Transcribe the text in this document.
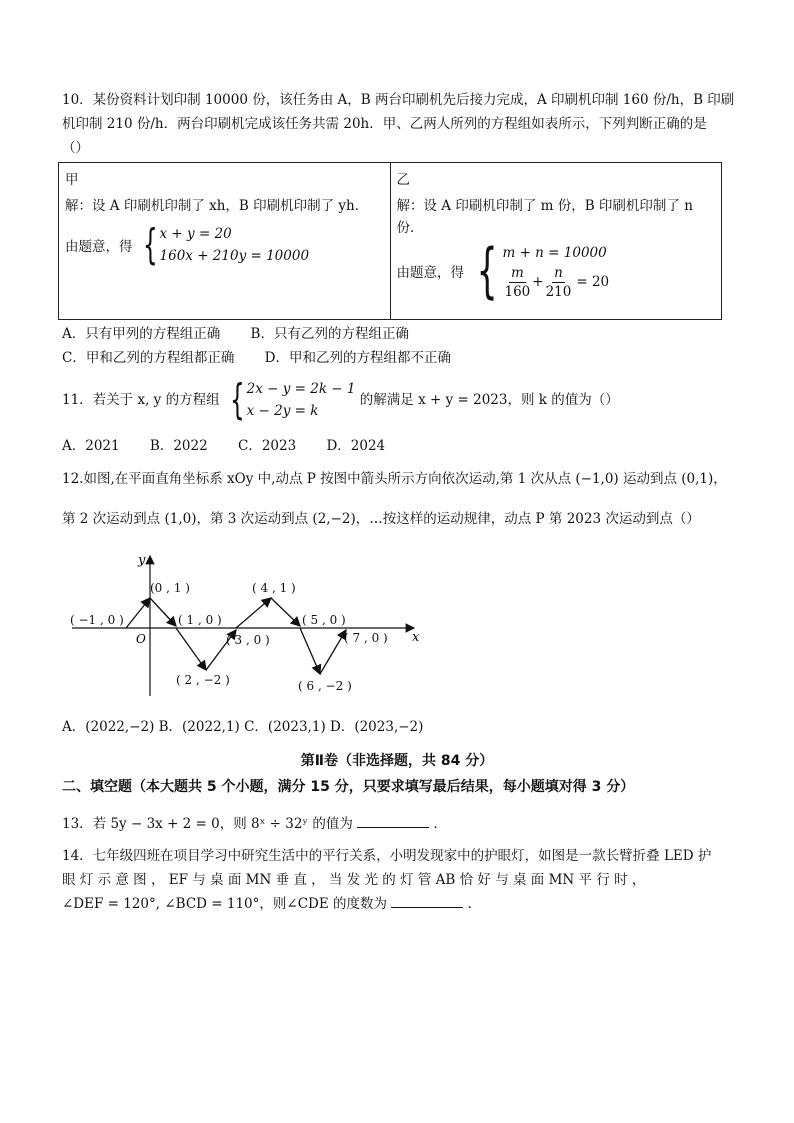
10．某份资料计划印制 10000 份，该任务由 A，B 两台印刷机先后接力完成，A 印刷机印制 160 份/h，B 印刷
机印制 210 份/h．两台印刷机完成该任务共需 20h．甲、乙两人所列的方程组如表所示，下列判断正确的是
（）
甲
解：设 A 印刷机印制了 xh，B 印刷机印制了 yh．
由题意，得 { x + y = 20
160x + 210y = 10000

乙
解：设 A 印刷机印制了 m 份，B 印刷机印制了 n
份．
由题意，得 { m + n = 10000
$\frac{m}{160} + \frac{n}{210} = 20$
A．只有甲列的方程组正确 B．只有乙列的方程组正确
C．甲和乙列的方程组都正确 D．甲和乙列的方程组都不正确
11．若关于 x, y 的方程组 { 2x − y = 2k − 1
x − 2y = k
的解满足 x + y = 2023，则 k 的值为（）
A．2021 B．2022 C．2023 D．2024
12.如图,在平面直角坐标系 xOy 中,动点 P 按图中箭头所示方向依次运动,第 1 次从点 (−1,0) 运动到点 (0,1)，
第 2 次运动到点 (1,0)，第 3 次运动到点 (2,−2)，…按这样的运动规律，动点 P 第 2023 次运动到点（）
y
x
O
( −1 , 0 )
(0 , 1 )
( 1 , 0 )
( 2 , −2 )
( 3 , 0 )
( 4 , 1 )
( 5 , 0 )
( 6 , −2 )
( 7 , 0 )
A．(2022,−2) B．(2022,1) C．(2023,1) D．(2023,−2)
第Ⅱ卷（非选择题，共 84 分）
二、填空题（本大题共 5 个小题，满分 15 分，只要求填写最后结果，每小题填对得 3 分）
13．若 5y − 3x + 2 = 0，则 8ˣ ÷ 32ʸ 的值为	．
14．七年级四班在项目学习中研究生活中的平行关系，小明发现家中的护眼灯，如图是一款长臂折叠 LED 护
眼 灯 示 意 图 ， EF 与 桌 面 MN 垂 直 ， 当 发 光 的 灯 管 AB 恰 好 与 桌 面 MN 平 行 时 ，
∠DEF = 120°, ∠BCD = 110°，则∠CDE 的度数为	．
